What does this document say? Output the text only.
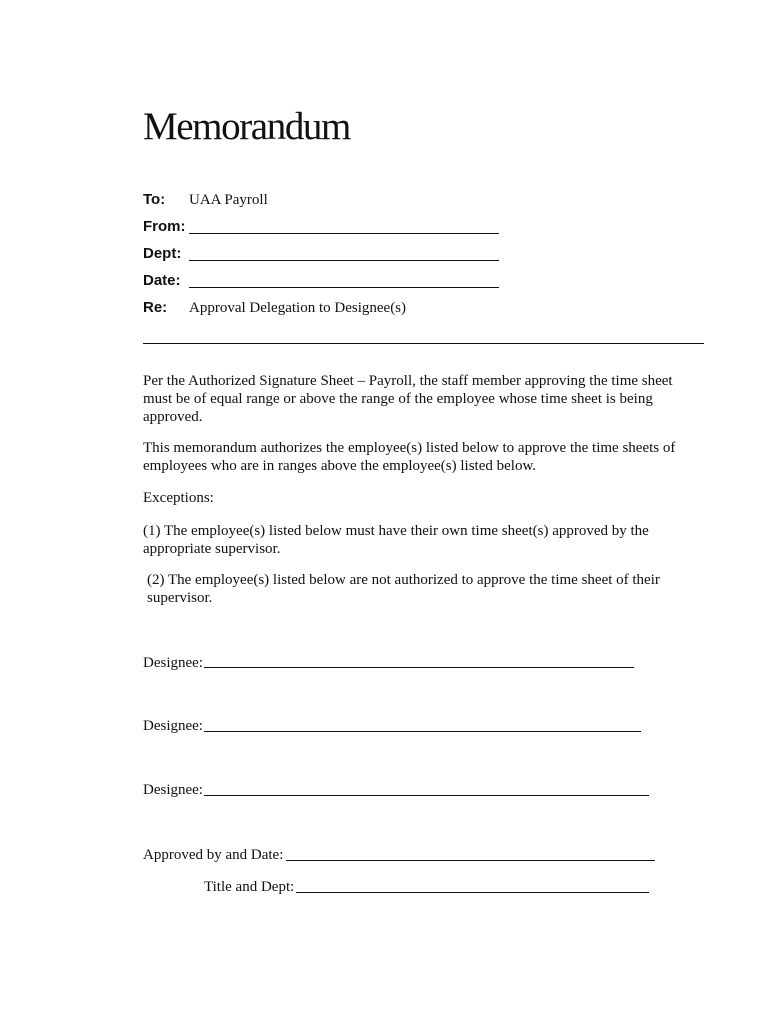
Memorandum
To: UAA Payroll
From:
Dept:
Date:
Re: Approval Delegation to Designee(s)

Per the Authorized Signature Sheet – Payroll, the staff member approving the time sheet must be of equal range or above the range of the employee whose time sheet is being approved.

This memorandum authorizes the employee(s) listed below to approve the time sheets of employees who are in ranges above the employee(s) listed below.

Exceptions:

(1) The employee(s) listed below must have their own time sheet(s) approved by the appropriate supervisor.

(2) The employee(s) listed below are not authorized to approve the time sheet of their supervisor.

Designee:
Designee:
Designee:
Approved by and Date:
Title and Dept:
